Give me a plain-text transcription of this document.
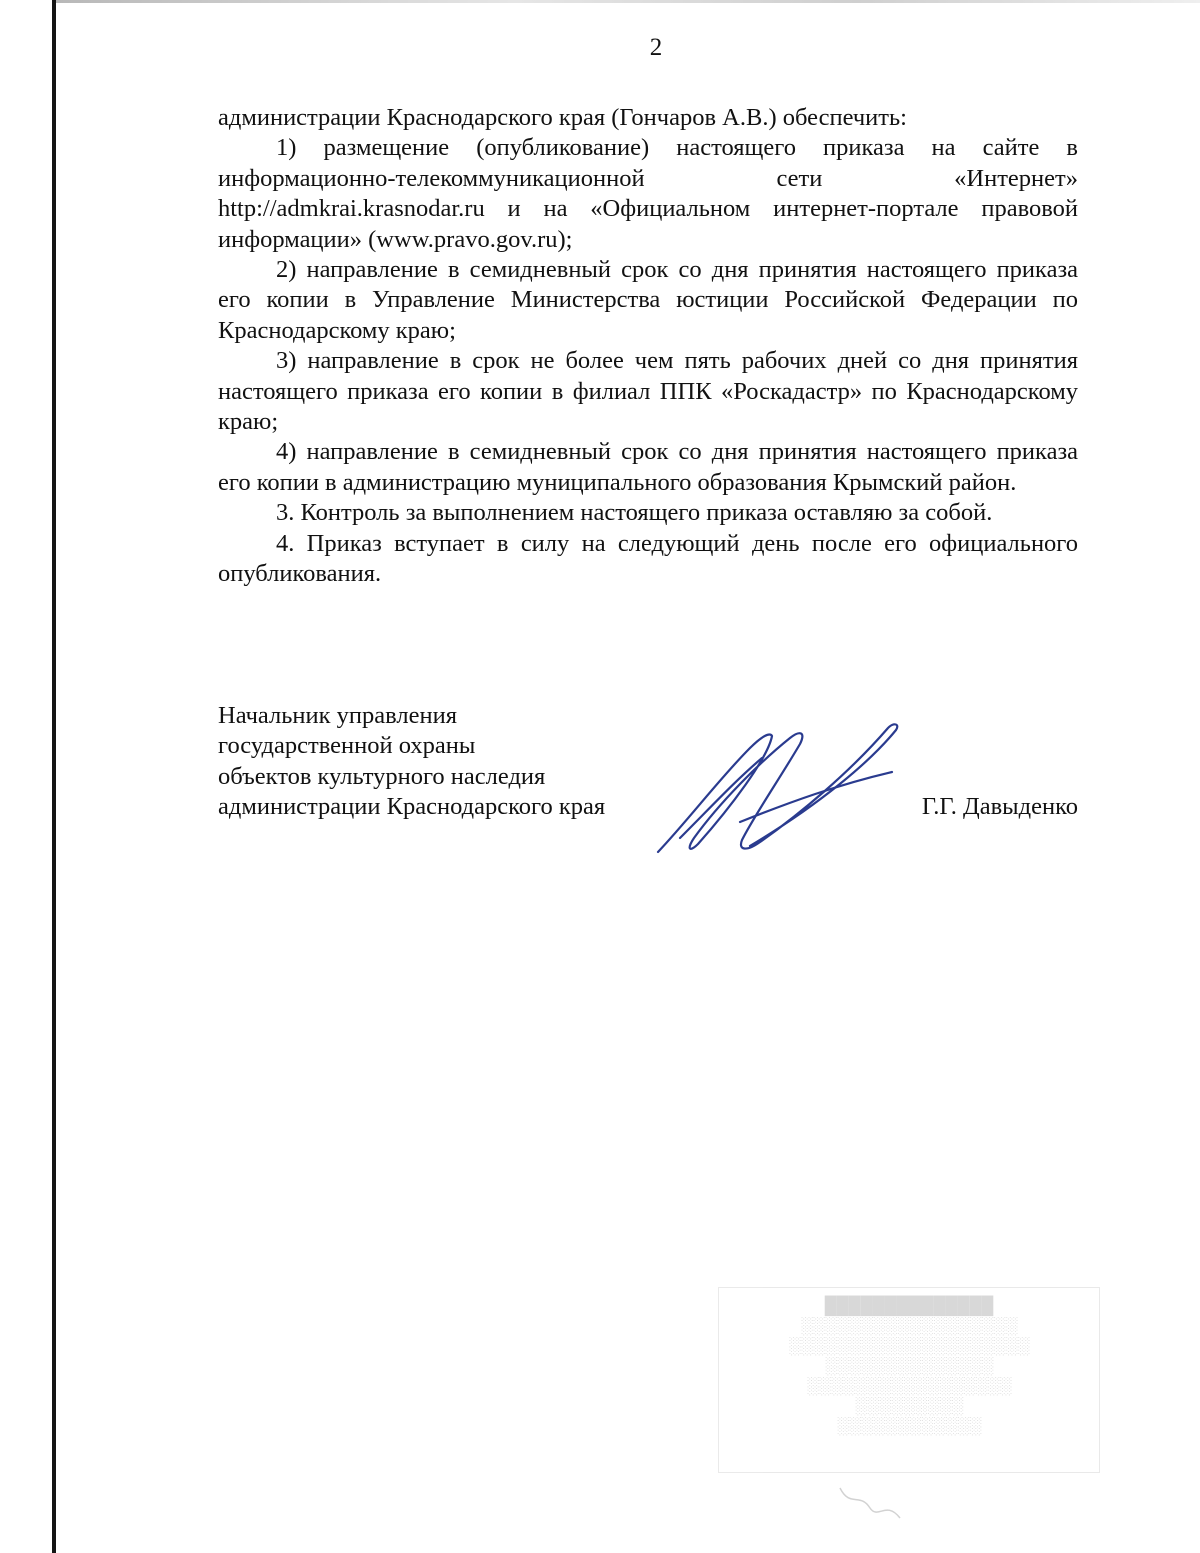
2

администрации Краснодарского края (Гончаров А.В.) обеспечить:

1) размещение (опубликование) настоящего приказа на сайте в информационно-телекоммуникационной сети «Интернет» http://admkrai.krasnodar.ru и на «Официальном интернет-портале правовой информации» (www.pravo.gov.ru);

2) направление в семидневный срок со дня принятия настоящего приказа его копии в Управление Министерства юстиции Российской Федерации по Краснодарскому краю;

3) направление в срок не более чем пять рабочих дней со дня принятия настоящего приказа его копии в филиал ППК «Роскадастр» по Краснодарскому краю;

4) направление в семидневный срок со дня принятия настоящего приказа его копии в администрацию муниципального образования Крымский район.

3. Контроль за выполнением настоящего приказа оставляю за собой.

4. Приказ вступает в силу на следующий день после его официального опубликования.

Начальник управления
государственной охраны
объектов культурного наследия
администрации Краснодарского края	Г.Г. Давыденко
██████████████
░░░░░░░░░░░░░░░░░░
░░░░░░░░░░░░░░░░░░░░
░░░░░░░░░░░░░░
░░░░░░░░░░░░░░░░░
░░░░░░░░░
░░░░░░░░░░░░
